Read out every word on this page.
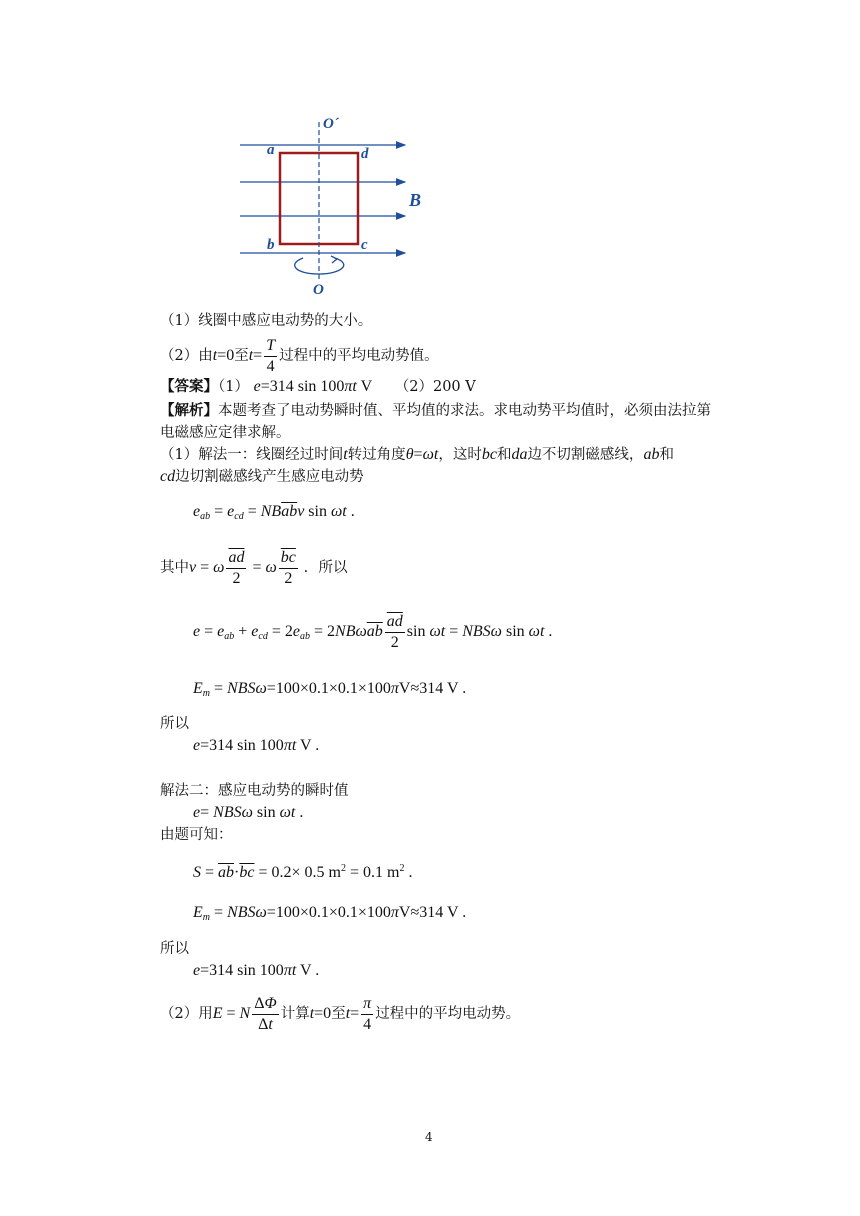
O´
a	d
B
b	c
O
（1）线圈中感应电动势的大小。
（2）由t=0至$t= \frac{T}{4}$ 过程中的平均电动势值。
【答案】（1） e=314 sin 100πt V （2）200 V
【解析】本题考查了电动势瞬时值、平均值的求法。求电动势平均值时，必须由法拉第
电磁感应定律求解。
（1）解法一：线圈经过时间t转过角度θ=ωt，这时bc和da边不切割磁感线，ab和
cd边切割磁感线产生感应电动势
$e_{ab} = e_{cd} = NB\overline{ab}v$ sin ωt .
其中v = ω $\frac{\overline{ad}}{2} = \omega \frac{\overline{bc}}{2}$ . 所以
$e = e_{ab} + e_{cd} = 2e_{ab} = 2NB\omega\overline{ab} \frac{\overline{ad}}{2}$ sin ωt = NBSω sin ωt .
$E_m = NBS\omega=100\times 0.1\times 0.1\times 100\pi V\approx 314$ V .
所以
e=314 sin 100πt V .
解法二：感应电动势的瞬时值
e= NBSω sin ωt .
由题可知：
$S = \overline{ab}\cdot\overline{bc} = 0.2\times 0.5$ $m^2 = 0.1$ $m^2$ .
$E_m = NBS\omega=100\times 0.1\times 0.1\times 100\pi V\approx 314$ V .
所以
e=314 sin 100πt V .
（2）用E = N $\frac{\Delta\Phi}{\Delta t}$ 计算t=0至$t= \frac{\pi}{4}$ 过程中的平均电动势。
4
